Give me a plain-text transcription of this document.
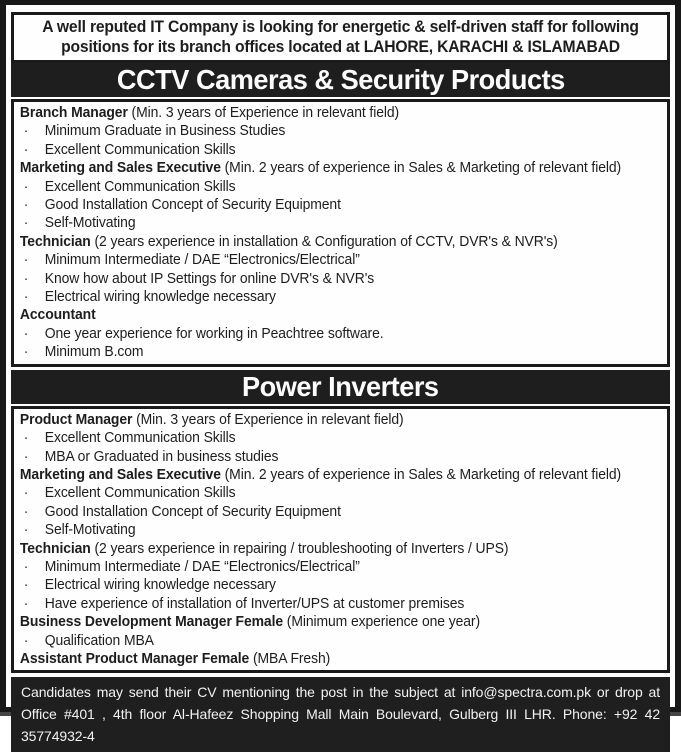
A well reputed IT Company is looking for energetic & self-driven staff for following
positions for its branch offices located at LAHORE, KARACHI & ISLAMABAD
CCTV Cameras & Security Products
Branch Manager (Min. 3 years of Experience in relevant field)
· Minimum Graduate in Business Studies
· Excellent Communication Skills
Marketing and Sales Executive (Min. 2 years of experience in Sales & Marketing of relevant field)
· Excellent Communication Skills
· Good Installation Concept of Security Equipment
· Self-Motivating
Technician (2 years experience in installation & Configuration of CCTV, DVR's & NVR's)
· Minimum Intermediate / DAE “Electronics/Electrical”
· Know how about IP Settings for online DVR's & NVR's
· Electrical wiring knowledge necessary
Accountant
· One year experience for working in Peachtree software.
· Minimum B.com
Power Inverters
Product Manager (Min. 3 years of Experience in relevant field)
· Excellent Communication Skills
· MBA or Graduated in business studies
Marketing and Sales Executive (Min. 2 years of experience in Sales & Marketing of relevant field)
· Excellent Communication Skills
· Good Installation Concept of Security Equipment
· Self-Motivating
Technician (2 years experience in repairing / troubleshooting of Inverters / UPS)
· Minimum Intermediate / DAE “Electronics/Electrical”
· Electrical wiring knowledge necessary
· Have experience of installation of Inverter/UPS at customer premises
Business Development Manager Female (Minimum experience one year)
· Qualification MBA
Assistant Product Manager Female (MBA Fresh)
Candidates may send their CV mentioning the post in the subject at info@spectra.com.pk or drop at
Office #401 , 4th floor Al-Hafeez Shopping Mall Main Boulevard, Gulberg III LHR. Phone: +92 42 35774932-4
